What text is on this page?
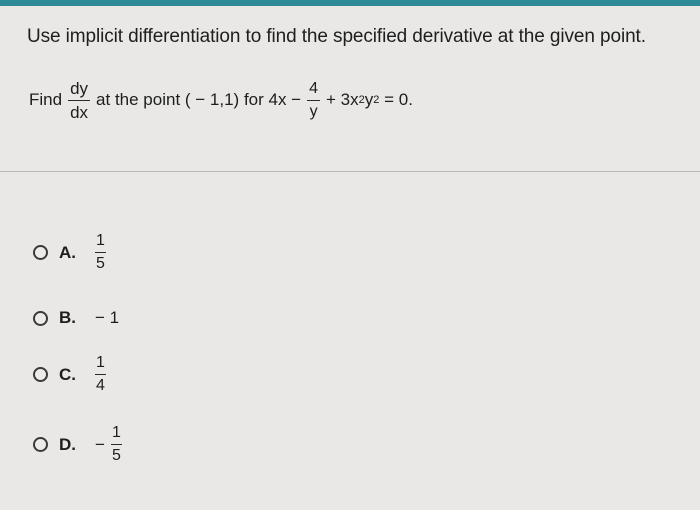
Use implicit differentiation to find the specified derivative at the given point.
Find $\frac{dy}{dx}$ at the point ( − 1,1) for $4x - \frac{4}{y} + 3x$ 2 y 2 = 0.
A.	$\frac{1}{5}$
B. − 1
C.	$\frac{1}{4}$
D. − $\frac{1}{5}$
